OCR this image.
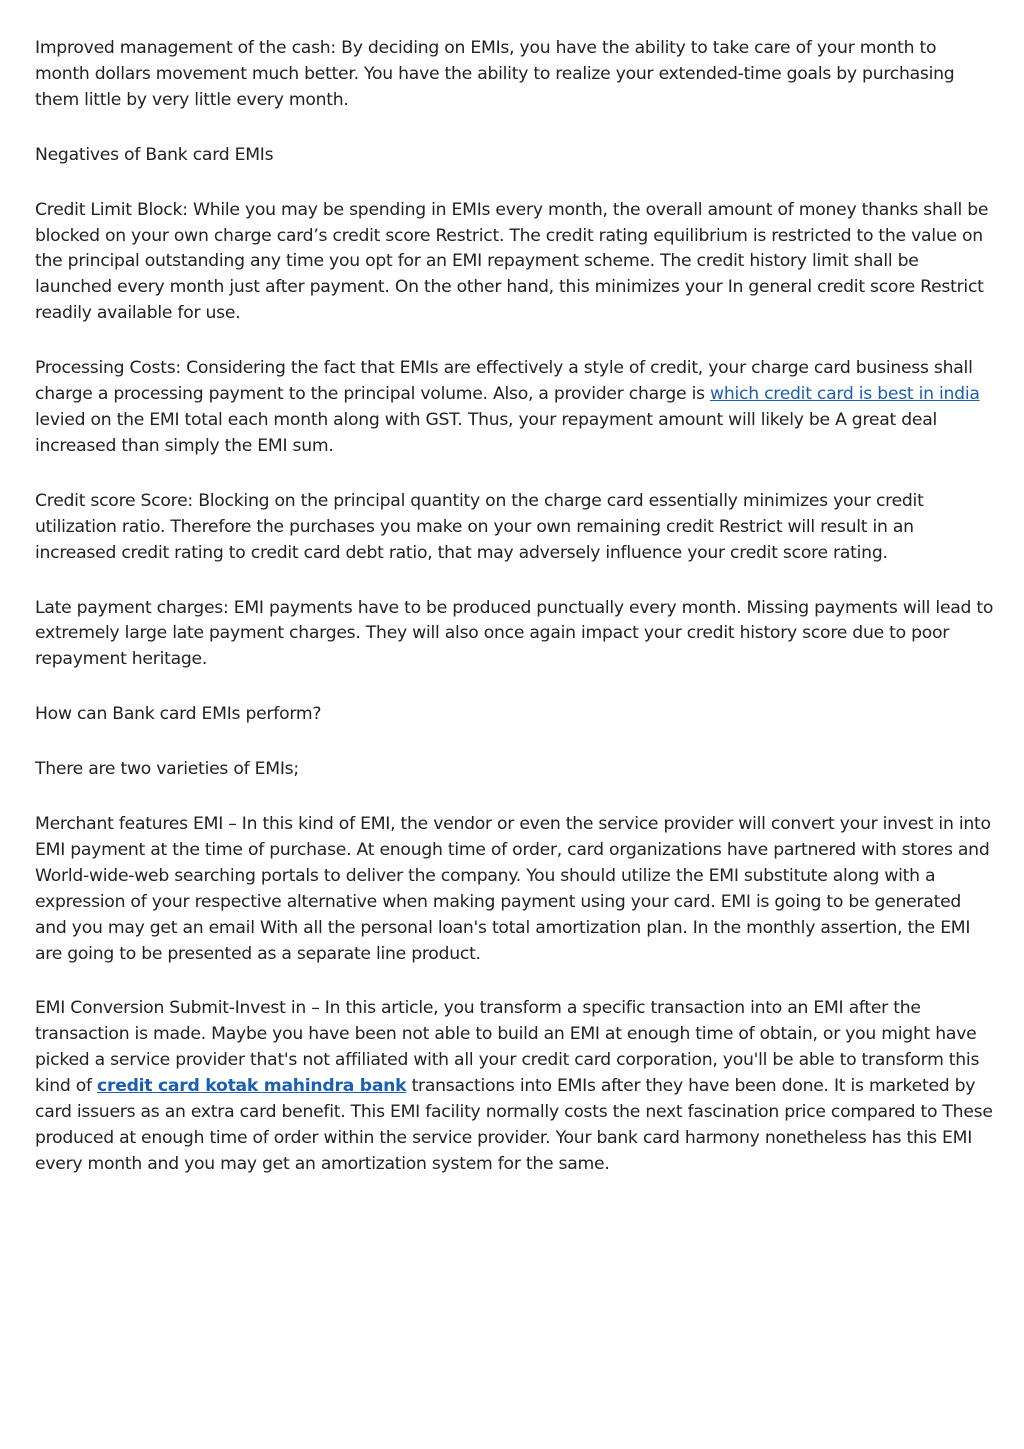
Improved management of the cash: By deciding on EMIs, you have the ability to take care of your month to month dollars movement much better. You have the ability to realize your extended-time goals by purchasing them little by very little every month.

Negatives of Bank card EMIs

Credit Limit Block: While you may be spending in EMIs every month, the overall amount of money thanks shall be blocked on your own charge card’s credit score Restrict. The credit rating equilibrium is restricted to the value on the principal outstanding any time you opt for an EMI repayment scheme. The credit history limit shall be launched every month just after payment. On the other hand, this minimizes your In general credit score Restrict readily available for use.

Processing Costs: Considering the fact that EMIs are effectively a style of credit, your charge card business shall charge a processing payment to the principal volume. Also, a provider charge is which credit card is best in india levied on the EMI total each month along with GST. Thus, your repayment amount will likely be A great deal increased than simply the EMI sum.

Credit score Score: Blocking on the principal quantity on the charge card essentially minimizes your credit utilization ratio. Therefore the purchases you make on your own remaining credit Restrict will result in an increased credit rating to credit card debt ratio, that may adversely influence your credit score rating.

Late payment charges: EMI payments have to be produced punctually every month. Missing payments will lead to extremely large late payment charges. They will also once again impact your credit history score due to poor repayment heritage.

How can Bank card EMIs perform?

There are two varieties of EMIs;

Merchant features EMI – In this kind of EMI, the vendor or even the service provider will convert your invest in into EMI payment at the time of purchase. At enough time of order, card organizations have partnered with stores and World-wide-web searching portals to deliver the company. You should utilize the EMI substitute along with a expression of your respective alternative when making payment using your card. EMI is going to be generated and you may get an email With all the personal loan's total amortization plan. In the monthly assertion, the EMI are going to be presented as a separate line product.

EMI Conversion Submit-Invest in – In this article, you transform a specific transaction into an EMI after the transaction is made. Maybe you have been not able to build an EMI at enough time of obtain, or you might have picked a service provider that's not affiliated with all your credit card corporation, you'll be able to transform this kind of credit card kotak mahindra bank transactions into EMIs after they have been done. It is marketed by card issuers as an extra card benefit. This EMI facility normally costs the next fascination price compared to These produced at enough time of order within the service provider. Your bank card harmony nonetheless has this EMI every month and you may get an amortization system for the same.
